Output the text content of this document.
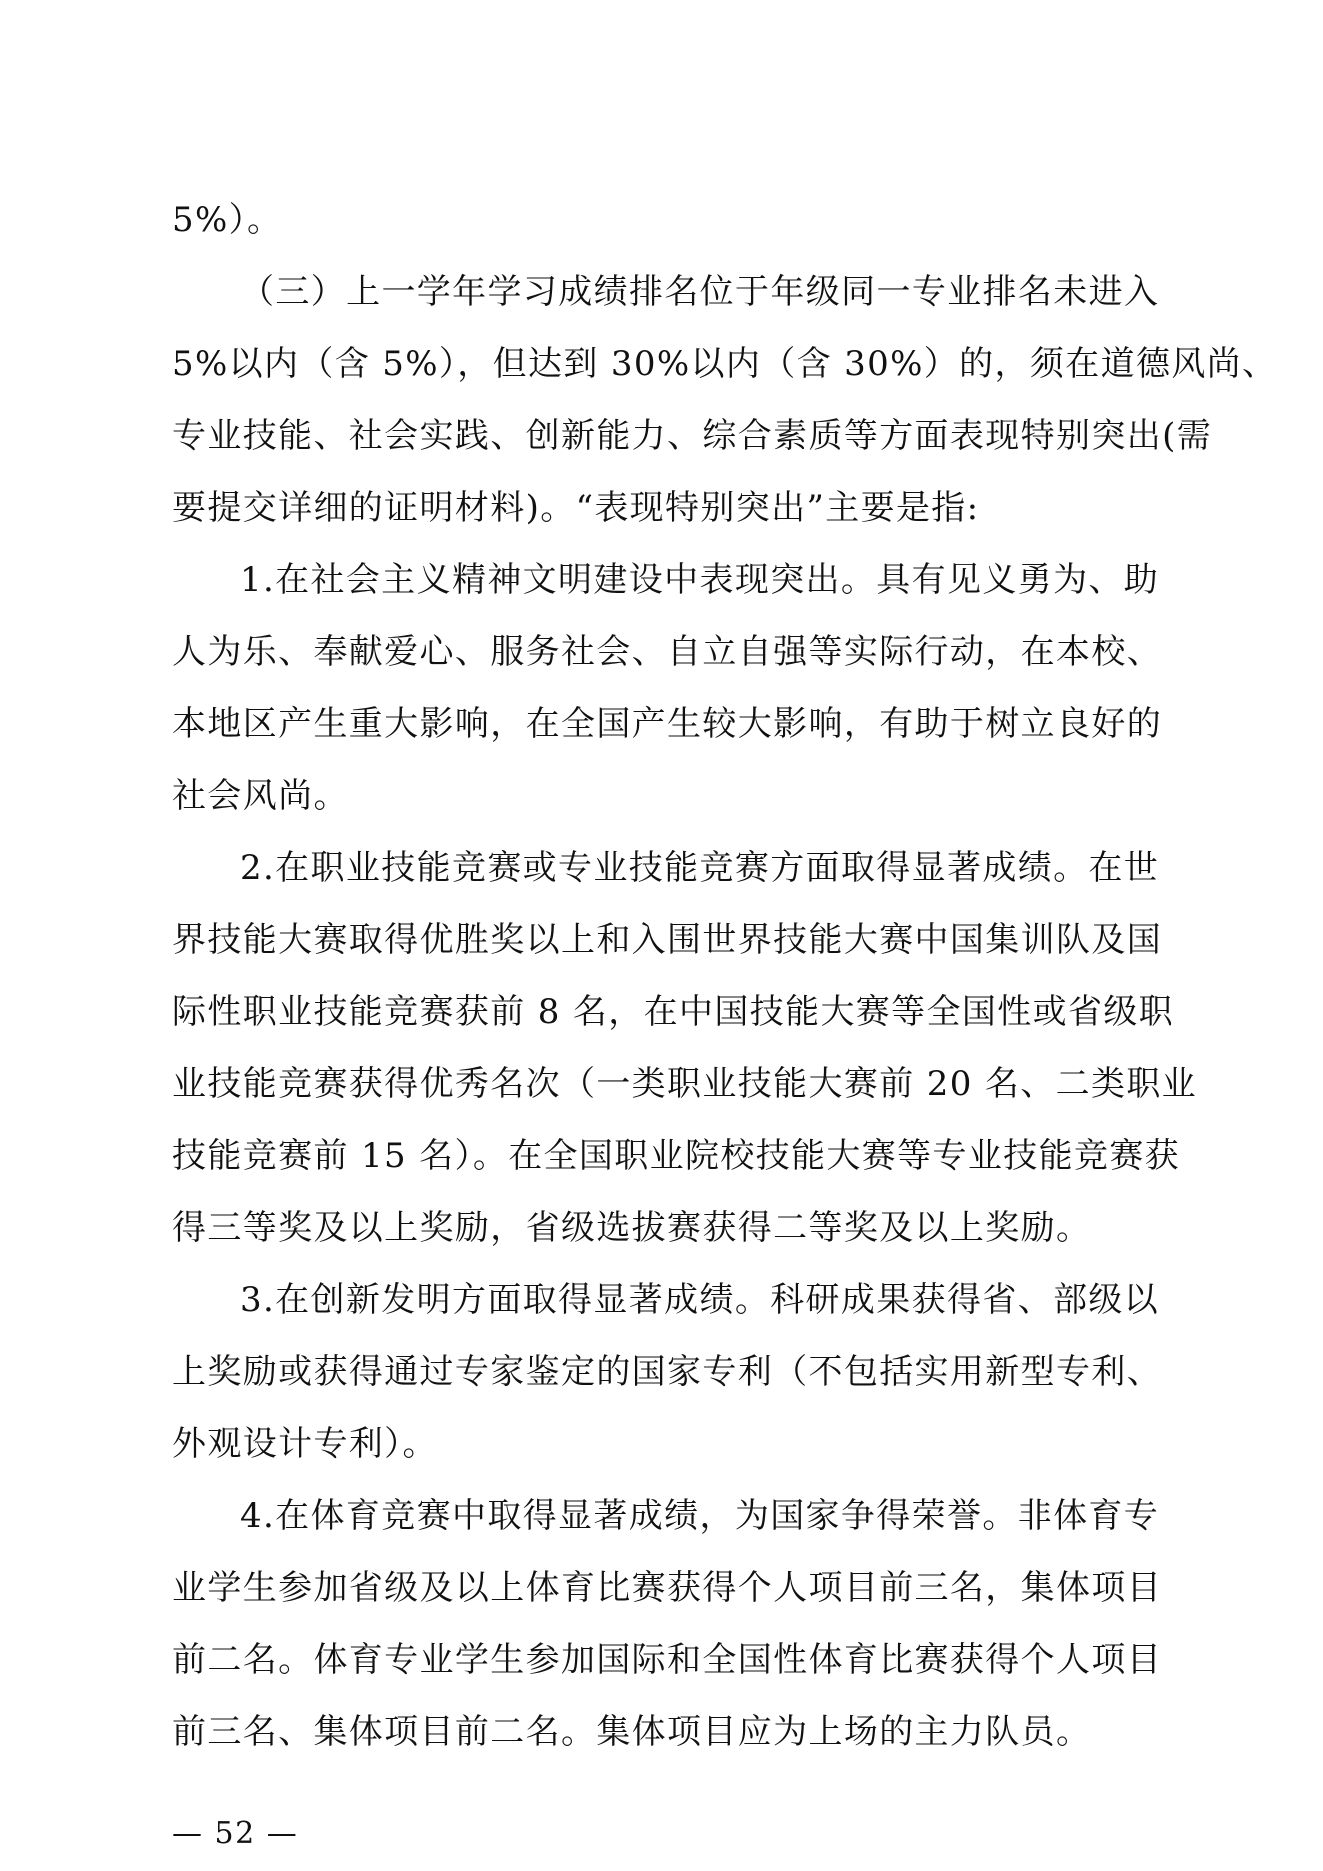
5%）。
（三）上一学年学习成绩排名位于年级同一专业排名未进入
5%以内（含 5%），但达到 30%以内（含 30%）的，须在道德风尚、
专业技能、社会实践、创新能力、综合素质等方面表现特别突出(需
要提交详细的证明材料)。“表现特别突出”主要是指:
1.在社会主义精神文明建设中表现突出。具有见义勇为、助
人为乐、奉献爱心、服务社会、自立自强等实际行动，在本校、
本地区产生重大影响，在全国产生较大影响，有助于树立良好的
社会风尚。
2.在职业技能竞赛或专业技能竞赛方面取得显著成绩。在世
界技能大赛取得优胜奖以上和入围世界技能大赛中国集训队及国
际性职业技能竞赛获前 8 名，在中国技能大赛等全国性或省级职
业技能竞赛获得优秀名次（一类职业技能大赛前 20 名、二类职业
技能竞赛前 15 名）。在全国职业院校技能大赛等专业技能竞赛获
得三等奖及以上奖励，省级选拔赛获得二等奖及以上奖励。
3.在创新发明方面取得显著成绩。科研成果获得省、部级以
上奖励或获得通过专家鉴定的国家专利（不包括实用新型专利、
外观设计专利）。
4.在体育竞赛中取得显著成绩，为国家争得荣誉。非体育专
业学生参加省级及以上体育比赛获得个人项目前三名，集体项目
前二名。体育专业学生参加国际和全国性体育比赛获得个人项目
前三名、集体项目前二名。集体项目应为上场的主力队员。
— 52 —
